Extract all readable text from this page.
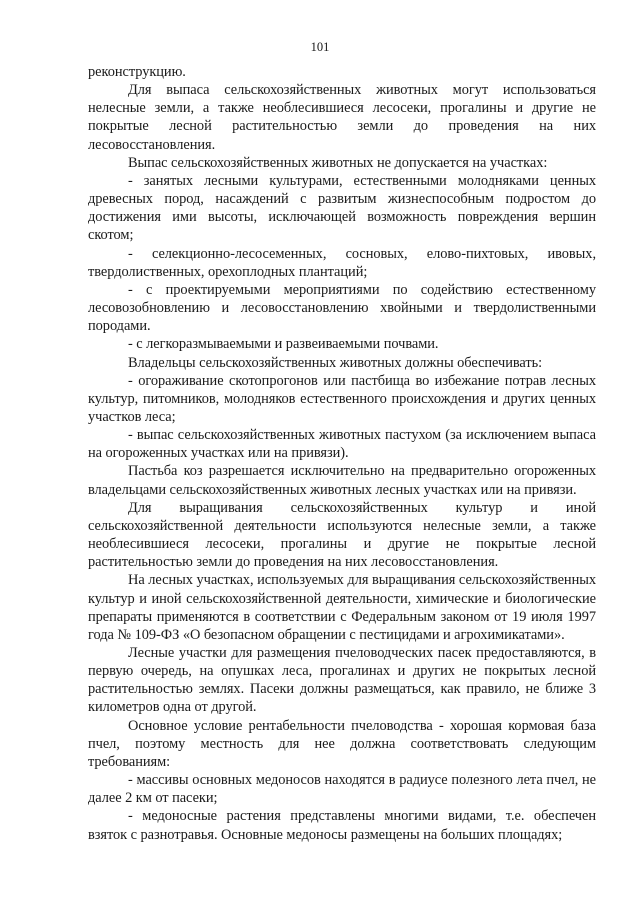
101

реконструкцию.

Для выпаса сельскохозяйственных животных могут использоваться нелесные земли, а также необлесившиеся лесосеки, прогалины и другие не покрытые лесной растительностью земли до проведения на них лесовосстановления.

Выпас сельскохозяйственных животных не допускается на участках:

- занятых лесными культурами, естественными молодняками ценных древесных пород, насаждений с развитым жизнеспособным подростом до достижения ими высоты, исключающей возможность повреждения вершин скотом;

- селекционно-лесосеменных, сосновых, елово-пихтовых, ивовых, твердолиственных, орехоплодных плантаций;

- с проектируемыми мероприятиями по содействию естественному лесовозобновлению и лесовосстановлению хвойными и твердолиственными породами.

- с легкоразмываемыми и развеиваемыми почвами.

Владельцы сельскохозяйственных животных должны обеспечивать:

- огораживание скотопрогонов или пастбища во избежание потрав лесных культур, питомников, молодняков естественного происхождения и других ценных участков леса;

- выпас сельскохозяйственных животных пастухом (за исключением выпаса на огороженных участках или на привязи).

Пастьба коз разрешается исключительно на предварительно огороженных владельцами сельскохозяйственных животных лесных участках или на привязи.

Для выращивания сельскохозяйственных культур и иной сельскохозяйственной деятельности используются нелесные земли, а также необлесившиеся лесосеки, прогалины и другие не покрытые лесной растительностью земли до проведения на них лесовосстановления.

На лесных участках, используемых для выращивания сельскохозяйственных культур и иной сельскохозяйственной деятельности, химические и биологические препараты применяются в соответствии с Федеральным законом от 19 июля 1997 года № 109-ФЗ «О безопасном обращении с пестицидами и агрохимикатами».

Лесные участки для размещения пчеловодческих пасек предоставляются, в первую очередь, на опушках леса, прогалинах и других не покрытых лесной растительностью землях. Пасеки должны размещаться, как правило, не ближе 3 километров одна от другой.

Основное условие рентабельности пчеловодства - хорошая кормовая база пчел, поэтому местность для нее должна соответствовать следующим требованиям:

- массивы основных медоносов находятся в радиусе полезного лета пчел, не далее 2 км от пасеки;

- медоносные растения представлены многими видами, т.е. обеспечен взяток с разнотравья. Основные медоносы размещены на больших площадях;
